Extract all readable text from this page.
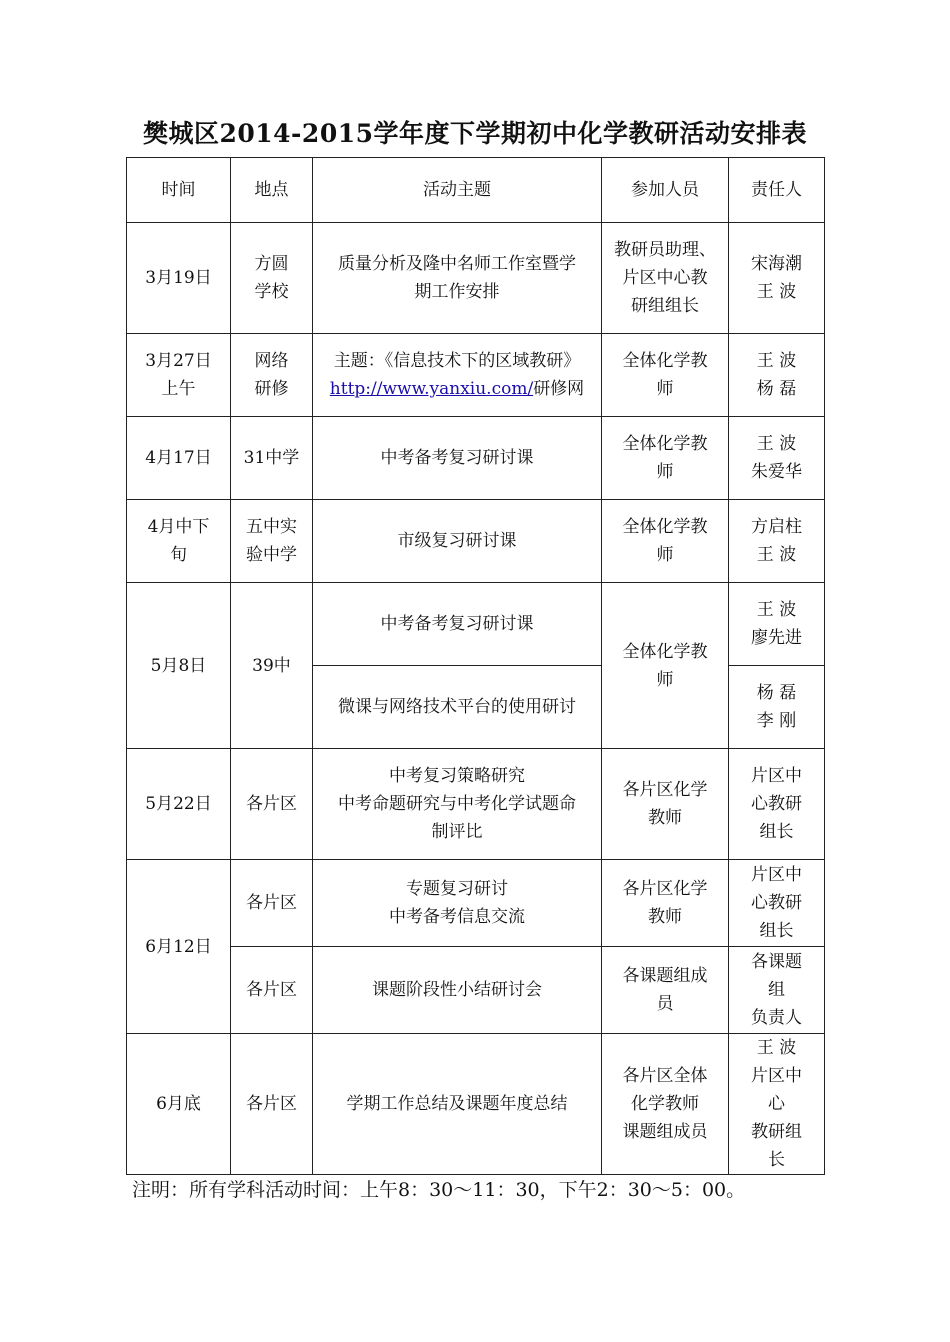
樊城区2014-2015学年度下学期初中化学教研活动安排表
时间	地点	活动主题	参加人员	责任人

3月19日	方圆
学校	质量分析及隆中名师工作室暨学
期工作安排	教研员助理、
片区中心教
研组组长	宋海潮
王 波

3月27日
上午	网络
研修	主题：《信息技术下的区域教研》
http://www.yanxiu.com/研修网	全体化学教
师	王 波
杨 磊

4月17日	31中学	中考备考复习研讨课	全体化学教
师	王 波
朱爱华

4月中下
旬	五中实
验中学	市级复习研讨课	全体化学教
师	方启柱
王 波

5月8日	39中	中考备考复习研讨课	全体化学教
师	王 波
廖先进

		微课与网络技术平台的使用研讨		杨 磊
李 刚

5月22日	各片区	中考复习策略研究
中考命题研究与中考化学试题命
制评比	各片区化学
教师	片区中
心教研
组长

6月12日	各片区	专题复习研讨
中考备考信息交流	各片区化学
教师	片区中
心教研
组长

	各片区	课题阶段性小结研讨会	各课题组成
员	各课题
组
负责人

6月底	各片区	学期工作总结及课题年度总结	各片区全体
化学教师
课题组成员	王 波
片区中
心
教研组
长
注明：所有学科活动时间：上午8：30～11：30，下午2：30～5：00。
